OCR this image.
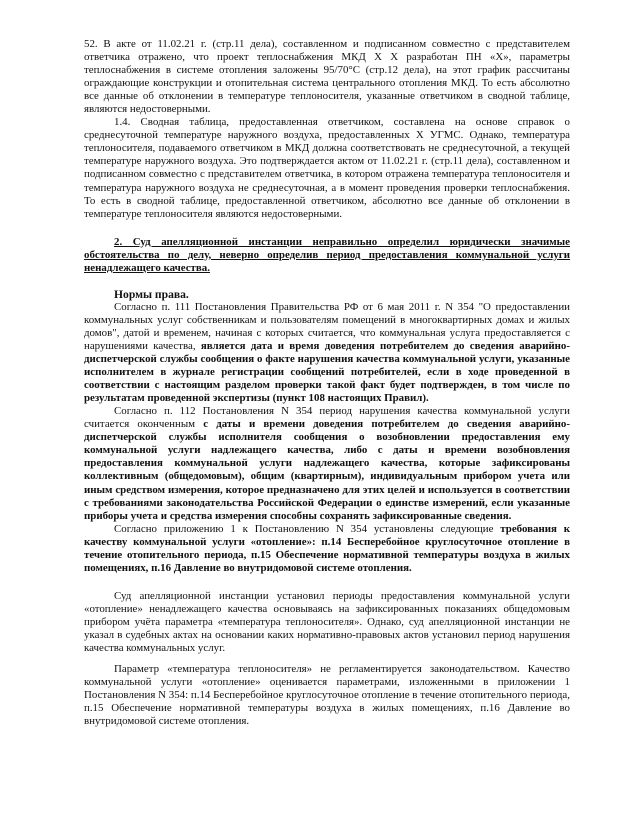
52. В акте от 11.02.21 г. (стр.11 дела), составленном и подписанном совместно с представителем ответчика отражено, что проект теплоснабжения МКД Х Х разработан ПН «Х», параметры теплоснабжения в системе отопления заложены 95/70°С (стр.12 дела), на этот график рассчитаны ограждающие конструкции и отопительная система центрального отопления МКД. То есть абсолютно все данные об отклонении в температуре теплоносителя, указанные ответчиком в сводной таблице, являются недостоверными.

1.4. Сводная таблица, предоставленная ответчиком, составлена на основе справок о среднесуточной температуре наружного воздуха, предоставленных Х УГМС. Однако, температура теплоносителя, подаваемого ответчиком в МКД должна соответствовать не среднесуточной, а текущей температуре наружного воздуха. Это подтверждается актом от 11.02.21 г. (стр.11 дела), составленном и подписанном совместно с представителем ответчика, в котором отражена температура теплоносителя и температура наружного воздуха не среднесуточная, а в момент проведения проверки теплоснабжения. То есть в сводной таблице, предоставленной ответчиком, абсолютно все данные об отклонении в температуре теплоносителя являются недостоверными.

2. Суд апелляционной инстанции неправильно определил юридически значимые обстоятельства по делу, неверно определив период предоставления коммунальной услуги ненадлежащего качества.

Нормы права.

Согласно п. 111 Постановления Правительства РФ от 6 мая 2011 г. N 354 "О предоставлении коммунальных услуг собственникам и пользователям помещений в многоквартирных домах и жилых домов", датой и временем, начиная с которых считается, что коммунальная услуга предоставляется с нарушениями качества, является дата и время доведения потребителем до сведения аварийно-диспетчерской службы сообщения о факте нарушения качества коммунальной услуги, указанные исполнителем в журнале регистрации сообщений потребителей, если в ходе проведенной в соответствии с настоящим разделом проверки такой факт будет подтвержден, в том числе по результатам проведенной экспертизы (пункт 108 настоящих Правил).

Согласно п. 112 Постановления N 354 период нарушения качества коммунальной услуги считается оконченным с даты и времени доведения потребителем до сведения аварийно-диспетчерской службы исполнителя сообщения о возобновлении предоставления ему коммунальной услуги надлежащего качества, либо с даты и времени возобновления предоставления коммунальной услуги надлежащего качества, которые зафиксированы коллективным (общедомовым), общим (квартирным), индивидуальным прибором учета или иным средством измерения, которое предназначено для этих целей и используется в соответствии с требованиями законодательства Российской Федерации о единстве измерений, если указанные приборы учета и средства измерения способны сохранять зафиксированные сведения.

Согласно приложению 1 к Постановлению N 354 установлены следующие требования к качеству коммунальной услуги «отопление»: п.14 Бесперебойное круглосуточное отопление в течение отопительного периода, п.15 Обеспечение нормативной температуры воздуха в жилых помещениях, п.16 Давление во внутридомовой системе отопления.

Суд апелляционной инстанции установил периоды предоставления коммунальной услуги «отопление» ненадлежащего качества основываясь на зафиксированных показаниях общедомовым прибором учёта параметра «температура теплоносителя». Однако, суд апелляционной инстанции не указал в судебных актах на основании каких нормативно-правовых актов установил период нарушения качества коммунальных услуг.

Параметр «температура теплоносителя» не регламентируется законодательством. Качество коммунальной услуги «отопление» оценивается параметрами, изложенными в приложении 1 Постановления N 354: п.14 Бесперебойное круглосуточное отопление в течение отопительного периода, п.15 Обеспечение нормативной температуры воздуха в жилых помещениях, п.16 Давление во внутридомовой системе отопления.
